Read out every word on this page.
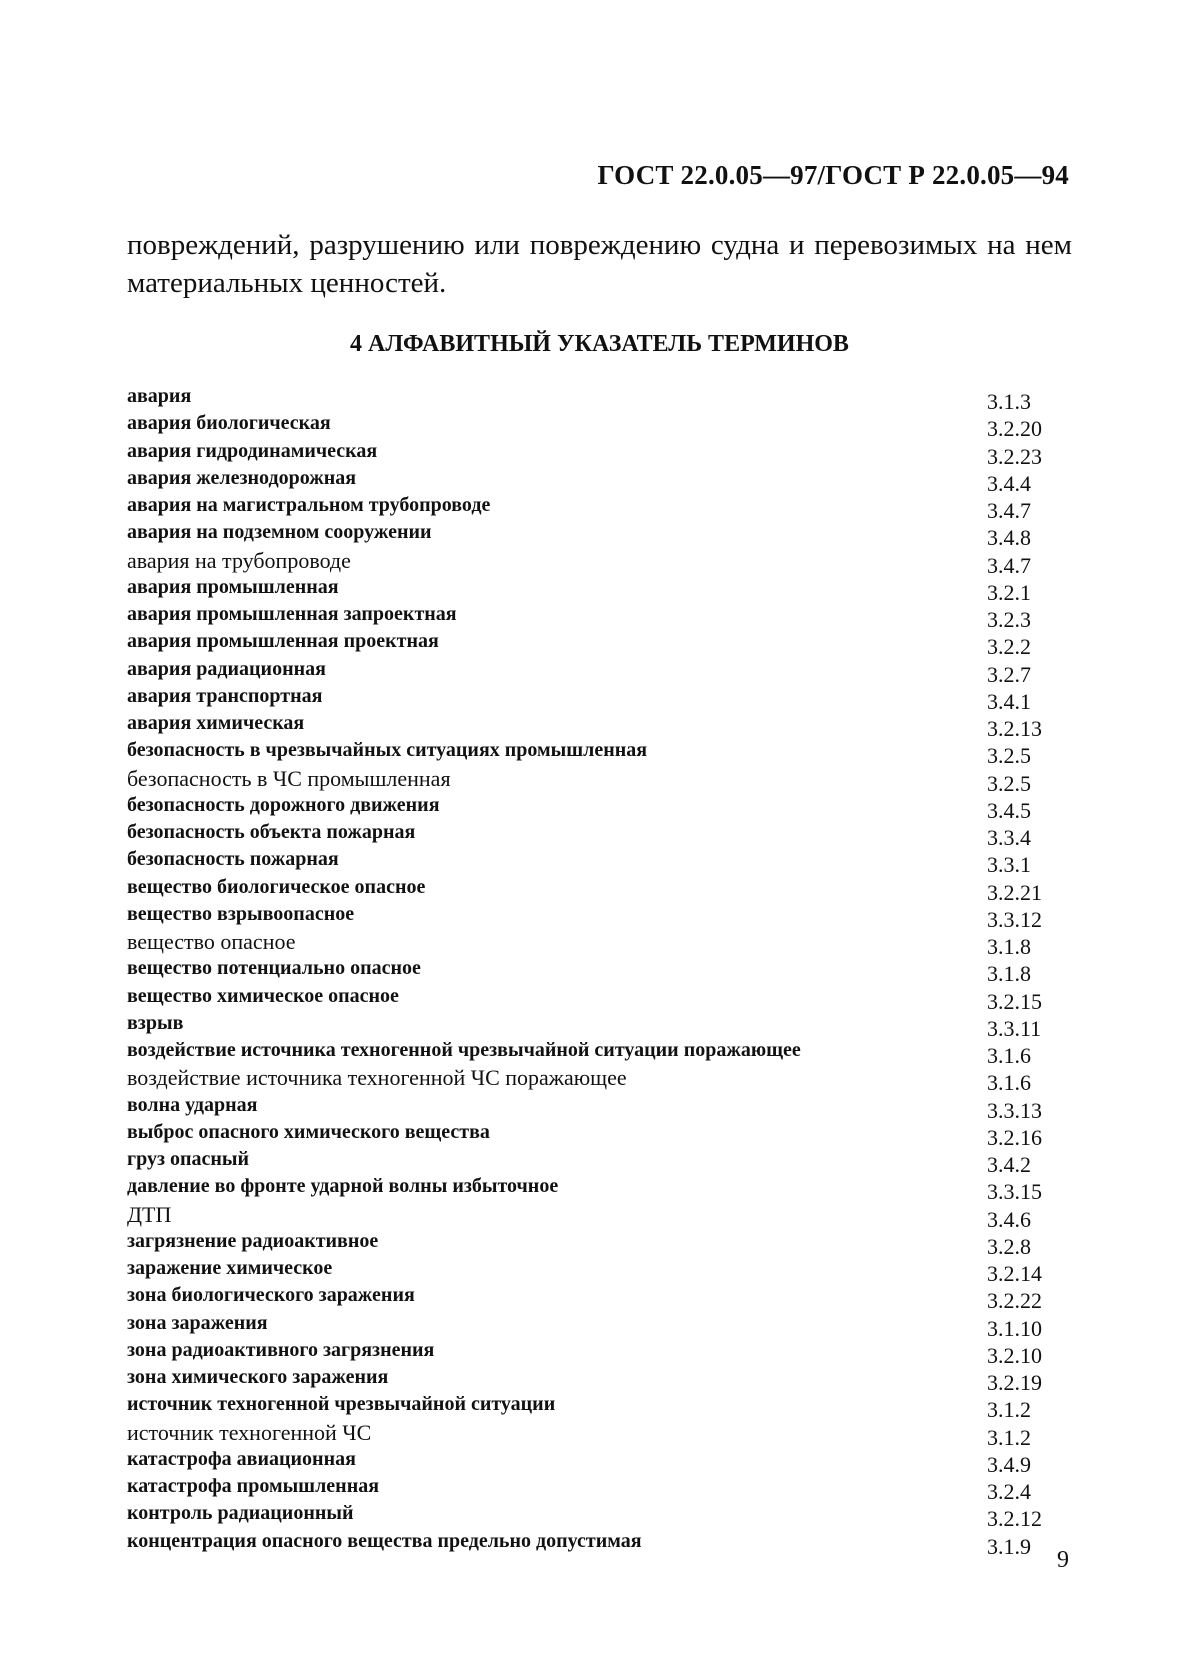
ГОСТ 22.0.05—97/ГОСТ Р 22.0.05—94
повреждений, разрушению или повреждению судна и перевозимых на нем материальных ценностей.
4 АЛФАВИТНЫЙ УКАЗАТЕЛЬ ТЕРМИНОВ
авария	3.1.3
авария биологическая	3.2.20
авария гидродинамическая	3.2.23
авария железнодорожная	3.4.4
авария на магистральном трубопроводе	3.4.7
авария на подземном сооружении	3.4.8
авария на трубопроводе	3.4.7
авария промышленная	3.2.1
авария промышленная запроектная	3.2.3
авария промышленная проектная	3.2.2
авария радиационная	3.2.7
авария транспортная	3.4.1
авария химическая	3.2.13
безопасность в чрезвычайных ситуациях промышленная	3.2.5
безопасность в ЧС промышленная	3.2.5
безопасность дорожного движения	3.4.5
безопасность объекта пожарная	3.3.4
безопасность пожарная	3.3.1
вещество биологическое опасное	3.2.21
вещество взрывоопасное	3.3.12
вещество опасное	3.1.8
вещество потенциально опасное	3.1.8
вещество химическое опасное	3.2.15
взрыв	3.3.11
воздействие источника техногенной чрезвычайной ситуации поражающее	3.1.6
воздействие источника техногенной ЧС поражающее	3.1.6
волна ударная	3.3.13
выброс опасного химического вещества	3.2.16
груз опасный	3.4.2
давление во фронте ударной волны избыточное	3.3.15
ДТП	3.4.6
загрязнение радиоактивное	3.2.8
заражение химическое	3.2.14
зона биологического заражения	3.2.22
зона заражения	3.1.10
зона радиоактивного загрязнения	3.2.10
зона химического заражения	3.2.19
источник техногенной чрезвычайной ситуации	3.1.2
источник техногенной ЧС	3.1.2
катастрофа авиационная	3.4.9
катастрофа промышленная	3.2.4
контроль радиационный	3.2.12
концентрация опасного вещества предельно допустимая	3.1.9
9
